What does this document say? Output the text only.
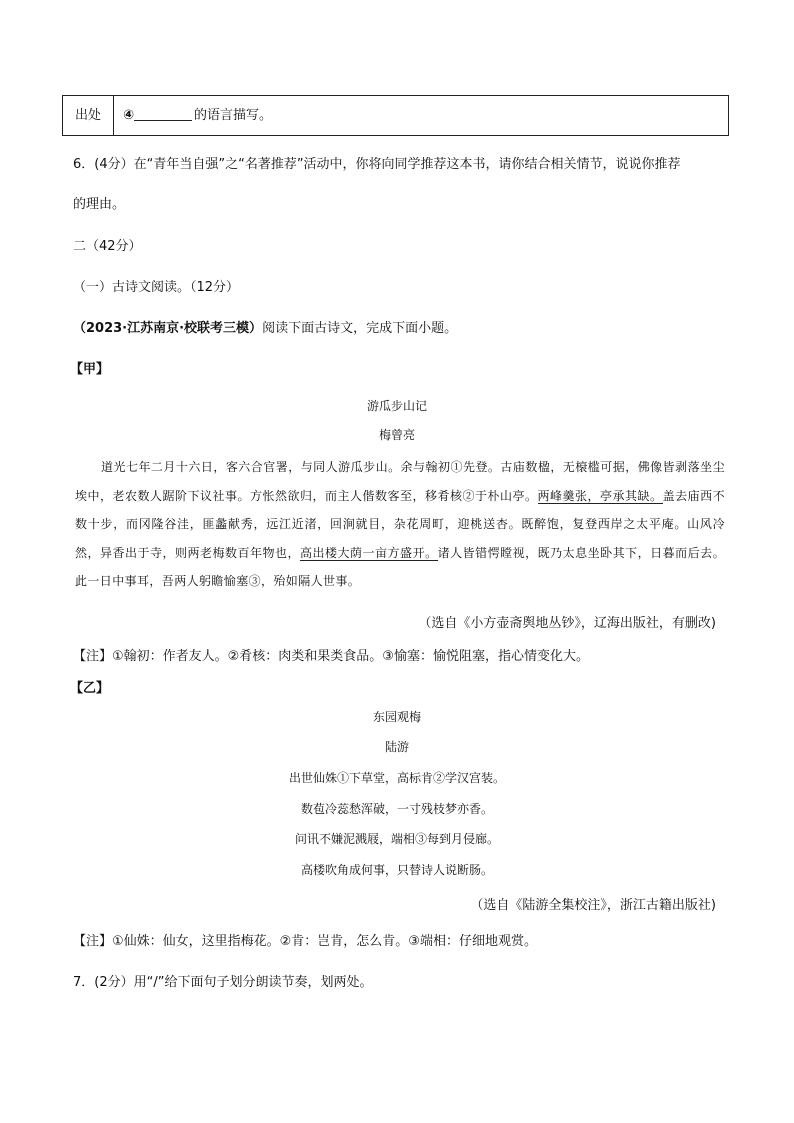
出处	④	的语言描写。
6．(4分）在“青年当自强”之“名著推荐”活动中，你将向同学推荐这本书，请你结合相关情节，说说你推荐
的理由。
二（42分）
（一）古诗文阅读。（12分）
（2023·江苏南京·校联考三模）阅读下面古诗文，完成下面小题。
【甲】
游瓜步山记
梅曾亮
道光七年二月十六日，客六合官署，与同人游瓜步山。余与翰初①先登。古庙数楹，无榱槛可据，佛像皆剥落坐尘埃中，老农数人踞阶下议社事。方怅然欲归，而主人偕数客至，移肴核②于朴山亭。两峰羹张，亭承其缺。盖去庙西不数十步，而冈隆谷洼，匪蠡献秀，远江近渚，回涧就目，杂花周町，迎桃送杏。既醉饱，复登西岸之太平庵。山风冷然，异香出于寺，则两老梅数百年物也，高出楼大荫一亩方盛开。诸人皆错愕瞠视，既乃太息坐卧其下，日暮而后去。此一日中事耳，吾两人躬瞻愉塞③，殆如隔人世事。
（选自《小方壶斋舆地丛钞》，辽海出版社，有删改)
【注】①翰初：作者友人。②肴核：肉类和果类食品。③愉塞：愉悦阻塞，指心情变化大。
【乙】
东园观梅
陆游
出世仙姝①下草堂，高标肯②学汉宫装。
数苞冷蕊愁浑破，一寸残枝梦亦香。
问讯不嫌泥溅屐，端相③每到月侵廊。
高楼吹角成何事，只替诗人说断肠。
（选自《陆游全集校注》，浙江古籍出版社)
【注】①仙姝：仙女，这里指梅花。②肯：岂肯，怎么肯。③端相：仔细地观赏。
7．(2分）用“/”给下面句子划分朗读节奏，划两处。
